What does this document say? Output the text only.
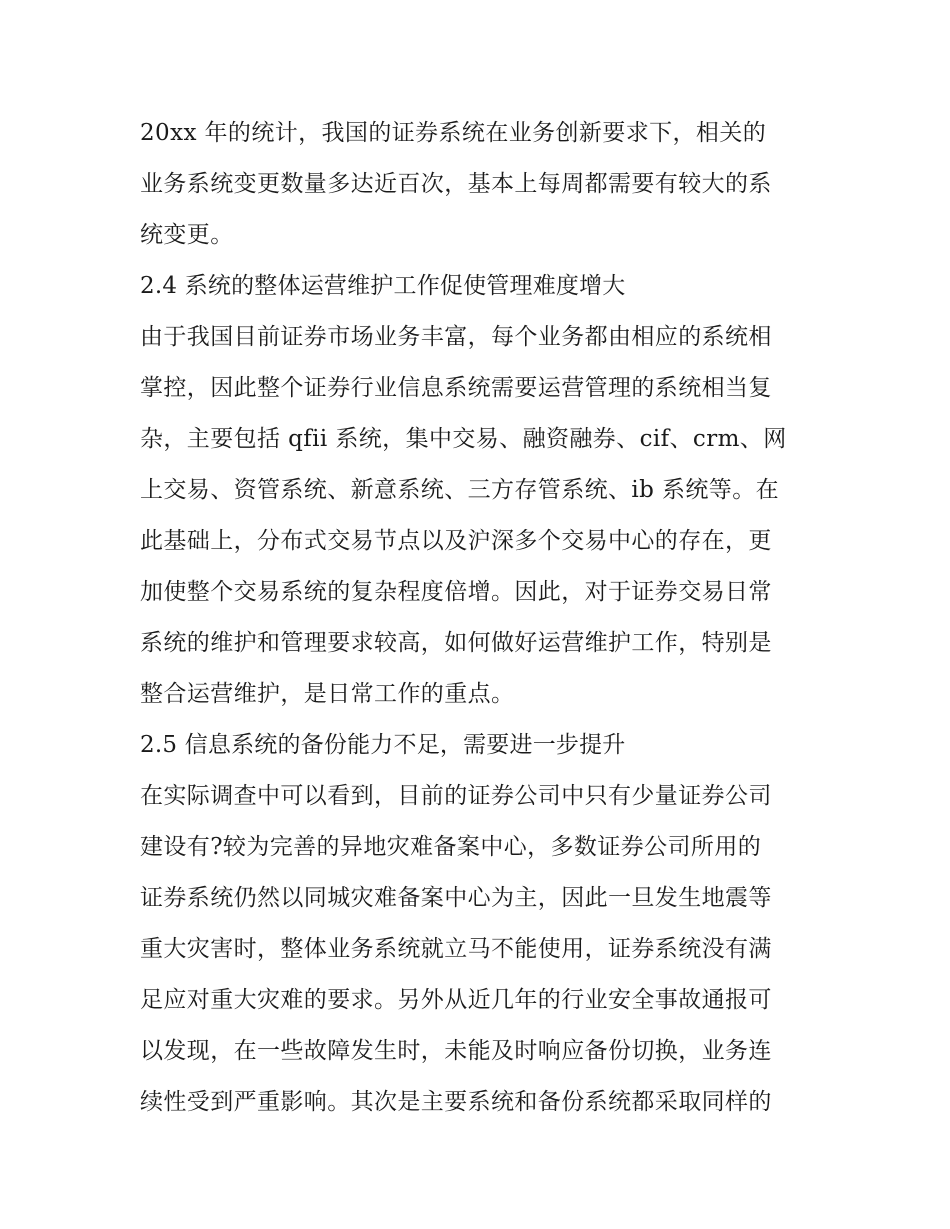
20xx 年的统计，我国的证券系统在业务创新要求下，相关的
业务系统变更数量多达近百次，基本上每周都需要有较大的系
统变更。
2.4 系统的整体运营维护工作促使管理难度增大
由于我国目前证券市场业务丰富，每个业务都由相应的系统相
掌控，因此整个证券行业信息系统需要运营管理的系统相当复
杂，主要包括 qfii 系统，集中交易、融资融券、cif、crm、网
上交易、资管系统、新意系统、三方存管系统、ib 系统等。在
此基础上，分布式交易节点以及沪深多个交易中心的存在，更
加使整个交易系统的复杂程度倍增。因此，对于证券交易日常
系统的维护和管理要求较高，如何做好运营维护工作，特别是
整合运营维护，是日常工作的重点。
2.5 信息系统的备份能力不足，需要进一步提升
在实际调查中可以看到，目前的证券公司中只有少量证券公司
建设有?较为完善的异地灾难备案中心，多数证券公司所用的
证券系统仍然以同城灾难备案中心为主，因此一旦发生地震等
重大灾害时，整体业务系统就立马不能使用，证券系统没有满
足应对重大灾难的要求。另外从近几年的行业安全事故通报可
以发现，在一些故障发生时，未能及时响应备份切换，业务连
续性受到严重影响。其次是主要系统和备份系统都采取同样的
